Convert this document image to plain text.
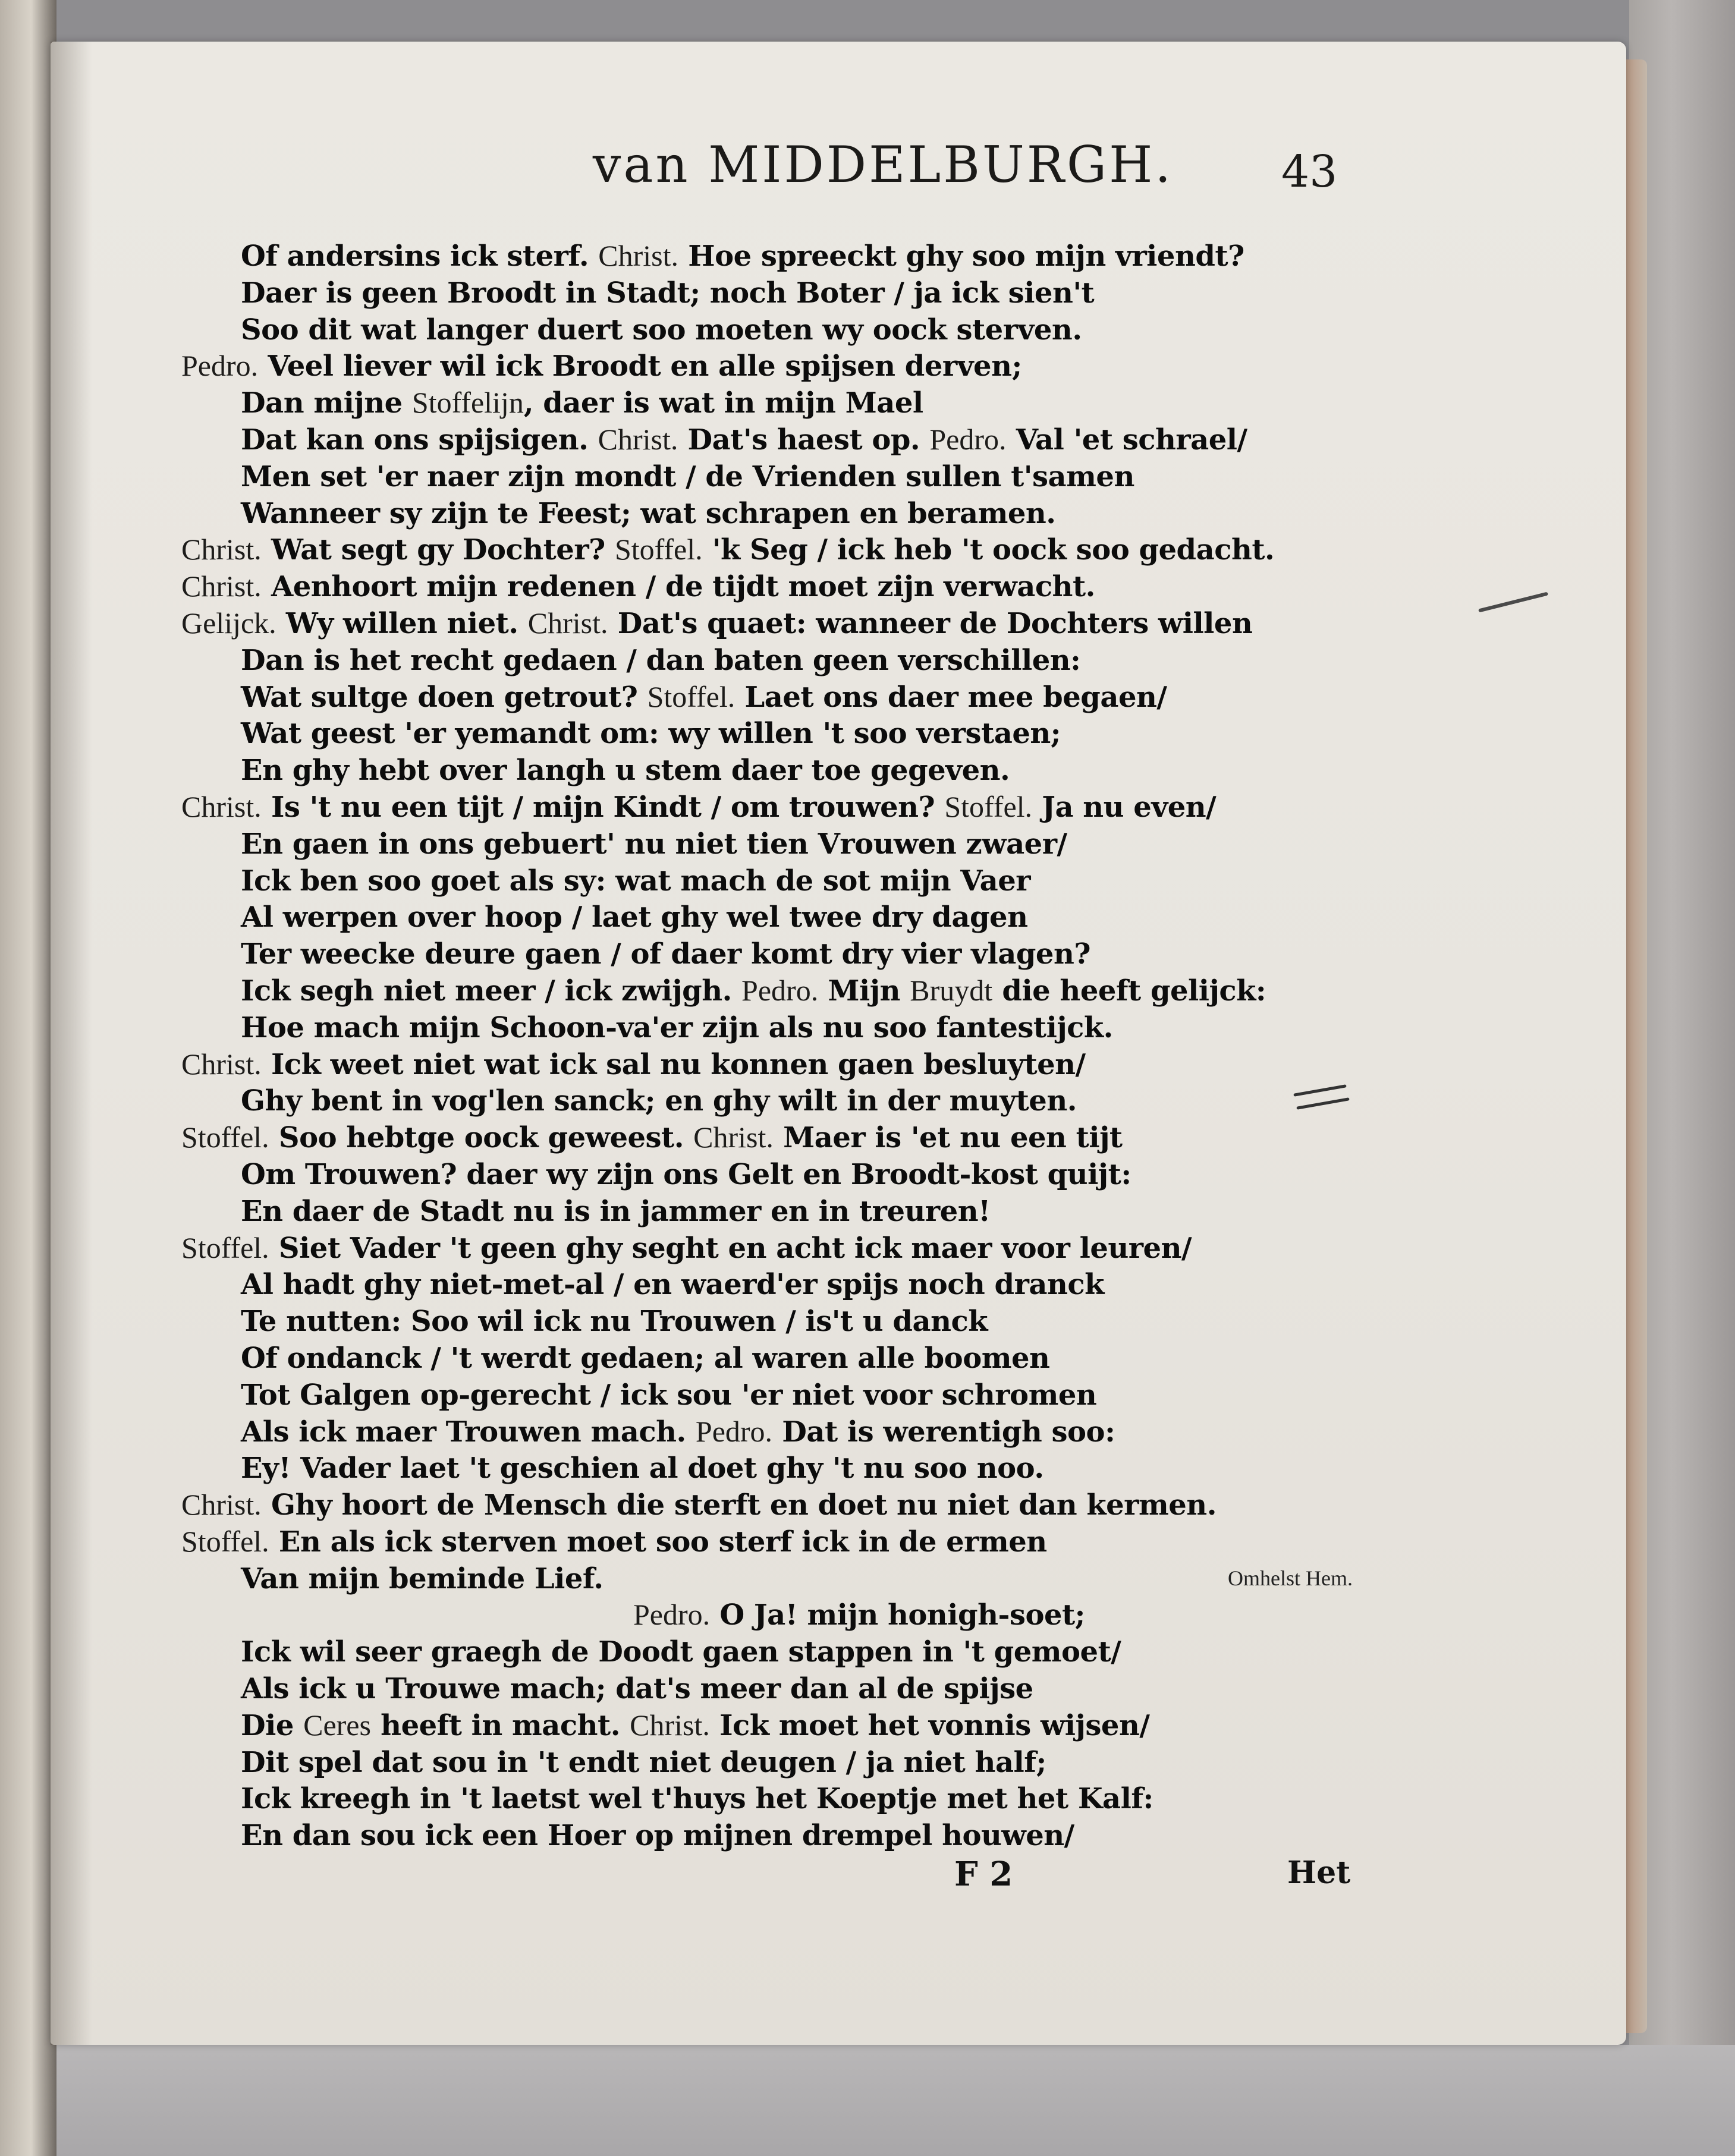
van MIDDELBURGH.	43
Of andersins ick sterf. Christ. Hoe spreeckt ghy soo mijn vriendt?
Daer is geen Broodt in Stadt; noch Boter / ja ick sien't
Soo dit wat langer duert soo moeten wy oock sterven.
Pedro. Veel liever wil ick Broodt en alle spijsen derven;
Dan mijne Stoffelijn, daer is wat in mijn Mael
Dat kan ons spijsigen. Christ. Dat's haest op. Pedro. Val 'et schrael/
Men set 'er naer zijn mondt / de Vrienden sullen t'samen
Wanneer sy zijn te Feest; wat schrapen en beramen.
Christ. Wat segt gy Dochter? Stoffel. 'k Seg / ick heb 't oock soo gedacht.
Christ. Aenhoort mijn redenen / de tijdt moet zijn verwacht.
Gelijck. Wy willen niet. Christ. Dat's quaet: wanneer de Dochters willen
Dan is het recht gedaen / dan baten geen verschillen:
Wat sultge doen getrout? Stoffel. Laet ons daer mee begaen/
Wat geest 'er yemandt om: wy willen 't soo verstaen;
En ghy hebt over langh u stem daer toe gegeven.
Christ. Is 't nu een tijt / mijn Kindt / om trouwen? Stoffel. Ja nu even/
En gaen in ons gebuert' nu niet tien Vrouwen zwaer/
Ick ben soo goet als sy: wat mach de sot mijn Vaer
Al werpen over hoop / laet ghy wel twee dry dagen
Ter weecke deure gaen / of daer komt dry vier vlagen?
Ick segh niet meer / ick zwijgh. Pedro. Mijn Bruydt die heeft gelijck:
Hoe mach mijn Schoon-va'er zijn als nu soo fantestijck.
Christ. Ick weet niet wat ick sal nu konnen gaen besluyten/
Ghy bent in vog'len sanck; en ghy wilt in der muyten.
Stoffel. Soo hebtge oock geweest. Christ. Maer is 'et nu een tijt
Om Trouwen? daer wy zijn ons Gelt en Broodt-kost quijt:
En daer de Stadt nu is in jammer en in treuren!
Stoffel. Siet Vader 't geen ghy seght en acht ick maer voor leuren/
Al hadt ghy niet-met-al / en waerd'er spijs noch dranck
Te nutten: Soo wil ick nu Trouwen / is't u danck
Of ondanck / 't werdt gedaen; al waren alle boomen
Tot Galgen op-gerecht / ick sou 'er niet voor schromen
Als ick maer Trouwen mach. Pedro. Dat is werentigh soo:
Ey! Vader laet 't geschien al doet ghy 't nu soo noo.
Christ. Ghy hoort de Mensch die sterft en doet nu niet dan kermen.
Stoffel. En als ick sterven moet soo sterf ick in de ermen
Van mijn beminde Lief.	Omhelst Hem.
Pedro. O Ja! mijn honigh-soet;
Ick wil seer graegh de Doodt gaen stappen in 't gemoet/
Als ick u Trouwe mach; dat's meer dan al de spijse
Die Ceres heeft in macht. Christ. Ick moet het vonnis wijsen/
Dit spel dat sou in 't endt niet deugen / ja niet half;
Ick kreegh in 't laetst wel t'huys het Koeptje met het Kalf:
En dan sou ick een Hoer op mijnen drempel houwen/
F 2	Het
